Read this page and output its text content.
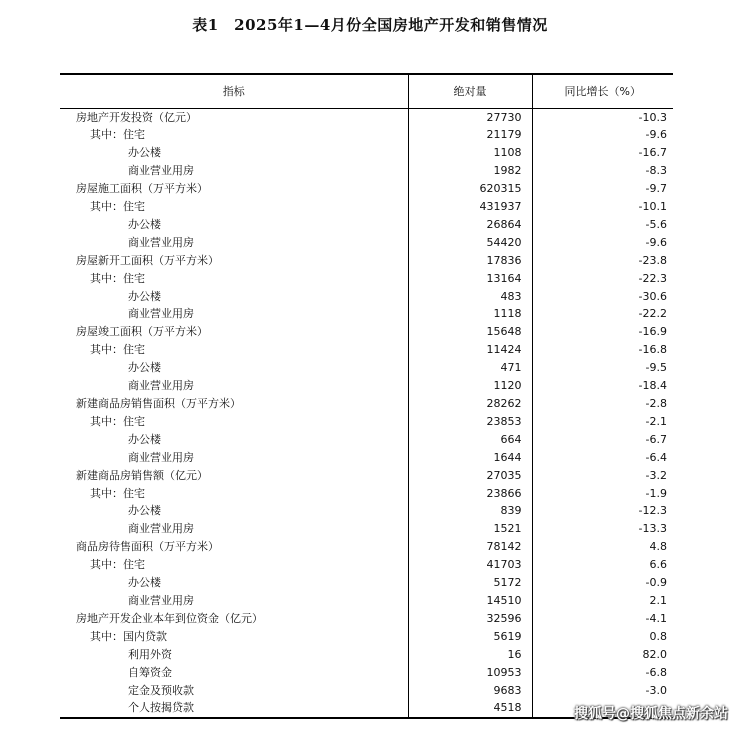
表1　2025年1—4月份全国房地产开发和销售情况
指标	绝对量	同比增长（%）
房地产开发投资（亿元）	27730	-10.3
其中：住宅	21179	-9.6
办公楼	1108	-16.7
商业营业用房	1982	-8.3
房屋施工面积（万平方米）	620315	-9.7
其中：住宅	431937	-10.1
办公楼	26864	-5.6
商业营业用房	54420	-9.6
房屋新开工面积（万平方米）	17836	-23.8
其中：住宅	13164	-22.3
办公楼	483	-30.6
商业营业用房	1118	-22.2
房屋竣工面积（万平方米）	15648	-16.9
其中：住宅	11424	-16.8
办公楼	471	-9.5
商业营业用房	1120	-18.4
新建商品房销售面积（万平方米）	28262	-2.8
其中：住宅	23853	-2.1
办公楼	664	-6.7
商业营业用房	1644	-6.4
新建商品房销售额（亿元）	27035	-3.2
其中：住宅	23866	-1.9
办公楼	839	-12.3
商业营业用房	1521	-13.3
商品房待售面积（万平方米）	78142	4.8
其中：住宅	41703	6.6
办公楼	5172	-0.9
商业营业用房	14510	2.1
房地产开发企业本年到位资金（亿元）	32596	-4.1
其中：国内贷款	5619	0.8
利用外资	16	82.0
自筹资金	10953	-6.8
定金及预收款	9683	-3.0
个人按揭贷款	4518		搜狐号@搜狐焦点新余站
